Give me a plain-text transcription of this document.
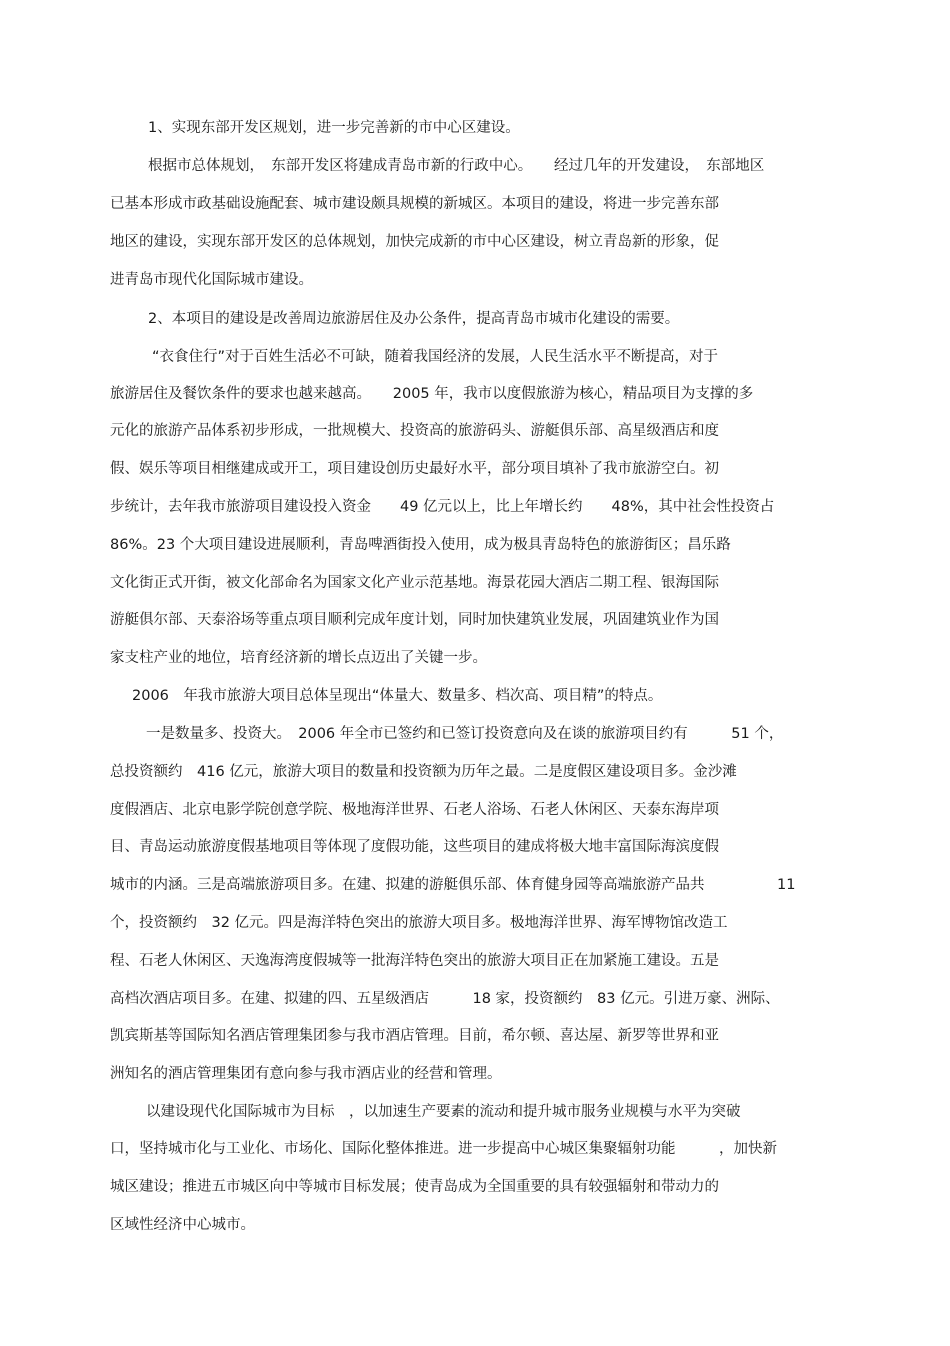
1、实现东部开发区规划，进一步完善新的市中心区建设。
根据市总体规划，　东部开发区将建成青岛市新的行政中心。　　经过几年的开发建设，　东部地区
已基本形成市政基础设施配套、城市建设颇具规模的新城区。本项目的建设，将进一步完善东部
地区的建设，实现东部开发区的总体规划，加快完成新的市中心区建设，树立青岛新的形象，促
进青岛市现代化国际城市建设。
2、本项目的建设是改善周边旅游居住及办公条件，提高青岛市城市化建设的需要。
“衣食住行”对于百姓生活必不可缺，随着我国经济的发展，人民生活水平不断提高，对于
旅游居住及餐饮条件的要求也越来越高。　　2005 年，我市以度假旅游为核心，精品项目为支撑的多
元化的旅游产品体系初步形成，一批规模大、投资高的旅游码头、游艇俱乐部、高星级酒店和度
假、娱乐等项目相继建成或开工，项目建设创历史最好水平，部分项目填补了我市旅游空白。初
步统计，去年我市旅游项目建设投入资金　　49 亿元以上，比上年增长约　　48%，其中社会性投资占
86%。23 个大项目建设进展顺利，青岛啤酒街投入使用，成为极具青岛特色的旅游街区；昌乐路
文化街正式开街，被文化部命名为国家文化产业示范基地。海景花园大酒店二期工程、银海国际
游艇俱尔部、天泰浴场等重点项目顺利完成年度计划，同时加快建筑业发展，巩固建筑业作为国
家支柱产业的地位，培育经济新的增长点迈出了关键一步。
2006　年我市旅游大项目总体呈现出“体量大、数量多、档次高、项目精”的特点。
一是数量多、投资大。　2006 年全市已签约和已签订投资意向及在谈的旅游项目约有　　　51 个，
总投资额约　416 亿元，旅游大项目的数量和投资额为历年之最。二是度假区建设项目多。金沙滩
度假酒店、北京电影学院创意学院、极地海洋世界、石老人浴场、石老人休闲区、天泰东海岸项
目、青岛运动旅游度假基地项目等体现了度假功能，这些项目的建成将极大地丰富国际海滨度假
城市的内涵。三是高端旅游项目多。在建、拟建的游艇俱乐部、体育健身园等高端旅游产品共　　　　　11
个，投资额约　32 亿元。四是海洋特色突出的旅游大项目多。极地海洋世界、海军博物馆改造工
程、石老人休闲区、天逸海湾度假城等一批海洋特色突出的旅游大项目正在加紧施工建设。五是
高档次酒店项目多。在建、拟建的四、五星级酒店　　　18 家，投资额约　83 亿元。引进万豪、洲际、
凯宾斯基等国际知名酒店管理集团参与我市酒店管理。目前，希尔顿、喜达屋、新罗等世界和亚
洲知名的酒店管理集团有意向参与我市酒店业的经营和管理。
以建设现代化国际城市为目标　，以加速生产要素的流动和提升城市服务业规模与水平为突破
口，坚持城市化与工业化、市场化、国际化整体推进。进一步提高中心城区集聚辐射功能　　　，加快新
城区建设；推进五市城区向中等城市目标发展；使青岛成为全国重要的具有较强辐射和带动力的
区域性经济中心城市。
